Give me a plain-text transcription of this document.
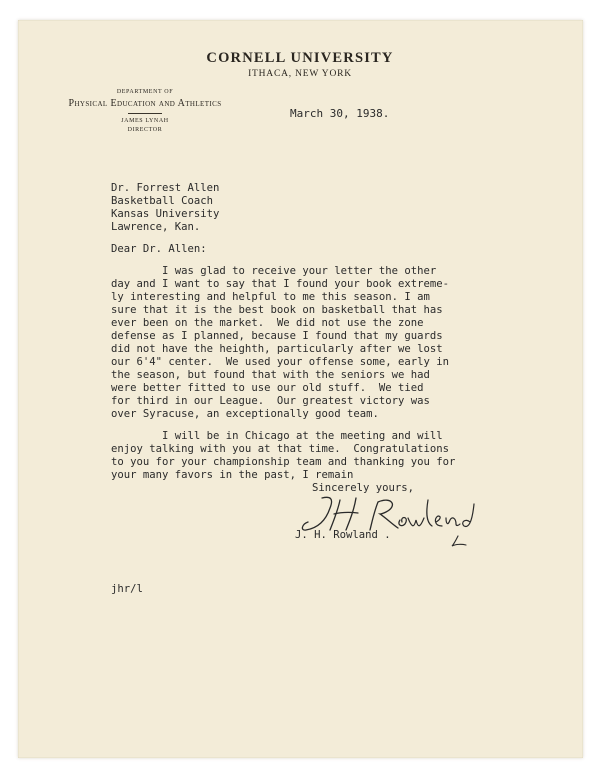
CORNELL UNIVERSITY
ITHACA, NEW YORK
DEPARTMENT OF
Physical Education and Athletics
JAMES LYNAH
DIRECTOR
March 30, 1938.
Dr. Forrest Allen
Basketball Coach
Kansas University
Lawrence, Kan.
Dear Dr. Allen:
I was glad to receive your letter the other
day and I want to say that I found your book extreme-
ly interesting and helpful to me this season. I am
sure that it is the best book on basketball that has
ever been on the market.  We did not use the zone
defense as I planned, because I found that my guards
did not have the heighth, particularly after we lost
our 6'4" center.  We used your offense some, early in
the season, but found that with the seniors we had
were better fitted to use our old stuff.  We tied
for third in our League.  Our greatest victory was
over Syracuse, an exceptionally good team.
I will be in Chicago at the meeting and will
enjoy talking with you at that time.  Congratulations
to you for your championship team and thanking you for
your many favors in the past, I remain
Sincerely yours,
J. H. Rowland .
jhr/l
